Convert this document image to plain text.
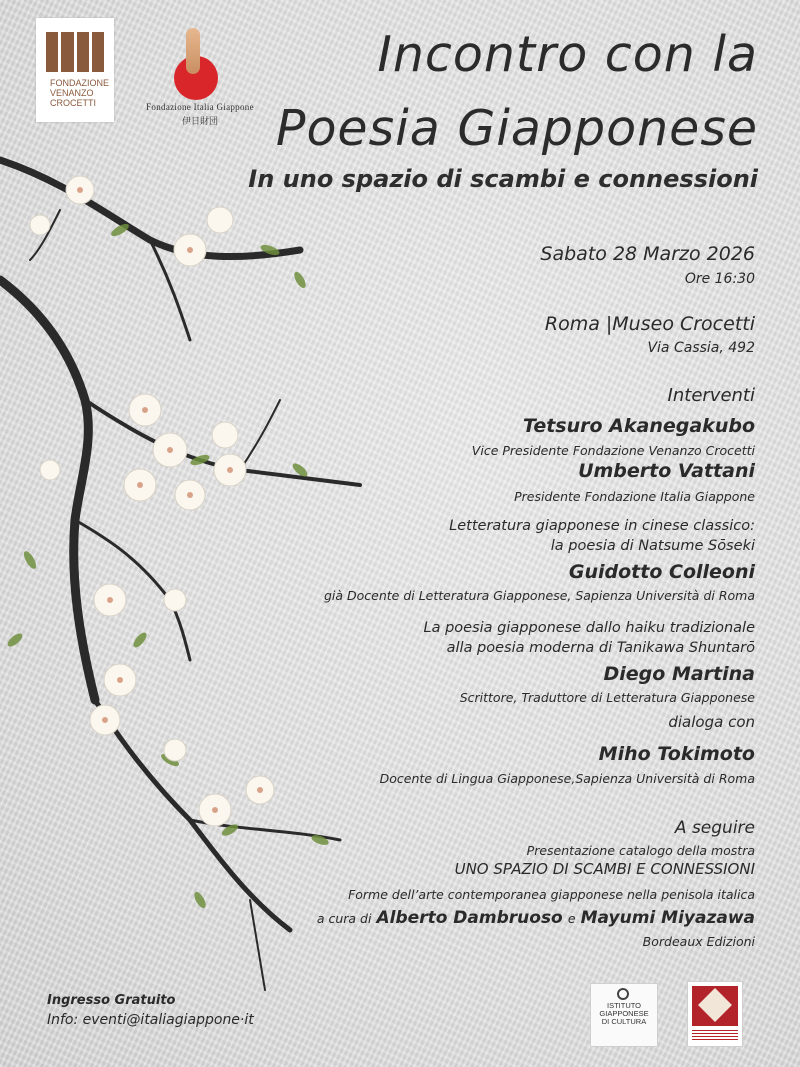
FONDAZIONE
VENANZO
CROCETTI	Fondazione Italia Giappone
伊日財団
Incontro con la
Poesia Giapponese
In uno spazio di scambi e connessioni
Sabato 28 Marzo 2026
Ore 16:30
Roma |Museo Crocetti
Via Cassia, 492
Interventi
Tetsuro Akanegakubo
Vice Presidente Fondazione Venanzo Crocetti
Umberto Vattani
Presidente Fondazione Italia Giappone
Letteratura giapponese in cinese classico:
la poesia di Natsume Sōseki
Guidotto Colleoni
già Docente di Letteratura Giapponese, Sapienza Università di Roma
La poesia giapponese dallo haiku tradizionale
alla poesia moderna di Tanikawa Shuntarō
Diego Martina
Scrittore, Traduttore di Letteratura Giapponese
dialoga con
Miho Tokimoto
Docente di Lingua Giapponese,Sapienza Università di Roma
A seguire
Presentazione catalogo della mostra
UNO SPAZIO DI SCAMBI E CONNESSIONI
Forme dell’arte contemporanea giapponese nella penisola italica
a cura di Alberto Dambruoso e Mayumi Miyazawa
Bordeaux Edizioni
Ingresso Gratuito
Info: eventi@italiagiappone·it
ISTITUTO
GIAPPONESE
DI CULTURA
